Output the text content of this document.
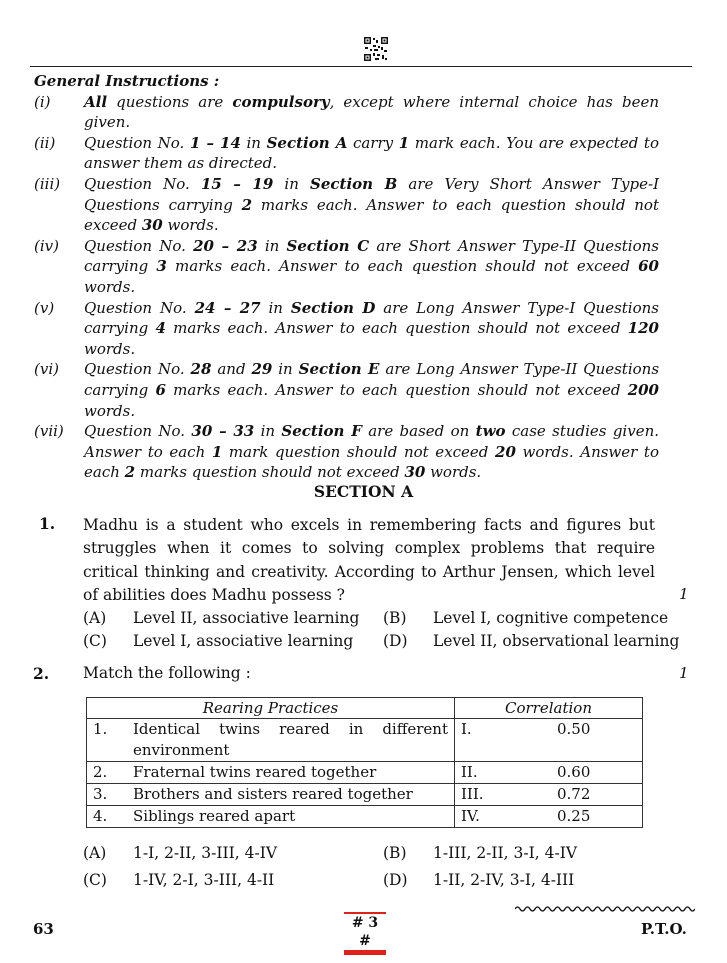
General Instructions :
(i)	All questions are compulsory, except where internal choice has been given.
(ii)	Question No. 1 – 14 in Section A carry 1 mark each. You are expected to answer them as directed.
(iii)	Question No. 15 – 19 in Section B are Very Short Answer Type-I Questions carrying 2 marks each. Answer to each question should not exceed 30 words.
(iv)	Question No. 20 – 23 in Section C are Short Answer Type-II Questions carrying 3 marks each. Answer to each question should not exceed 60 words.
(v)	Question No. 24 – 27 in Section D are Long Answer Type-I Questions carrying 4 marks each. Answer to each question should not exceed 120 words.
(vi)	Question No. 28 and 29 in Section E are Long Answer Type-II Questions carrying 6 marks each. Answer to each question should not exceed 200 words.
(vii)	Question No. 30 – 33 in Section F are based on two case studies given. Answer to each 1 mark question should not exceed 20 words. Answer to each 2 marks question should not exceed 30 words.
SECTION A
1. Madhu is a student who excels in remembering facts and figures but struggles when it comes to solving complex problems that require critical thinking and creativity. According to Arthur Jensen, which level of abilities does Madhu possess ?	1
(A) Level II, associative learning (B) Level I, cognitive competence
(C) Level I, associative learning (D) Level II, observational learning
2. Match the following :	1
Rearing Practices	Correlation

1. Identical twins reared in different environment	I. 0.50

2. Fraternal twins reared together	II. 0.60

3. Brothers and sisters reared together	III. 0.72

4. Siblings reared apart	IV. 0.25
(A) 1-I, 2-II, 3-III, 4-IV	(B) 1-III, 2-II, 3-I, 4-IV
(C) 1-IV, 2-I, 3-III, 4-II	(D) 1-II, 2-IV, 3-I, 4-III
63	# 3 #
P.T.O.
